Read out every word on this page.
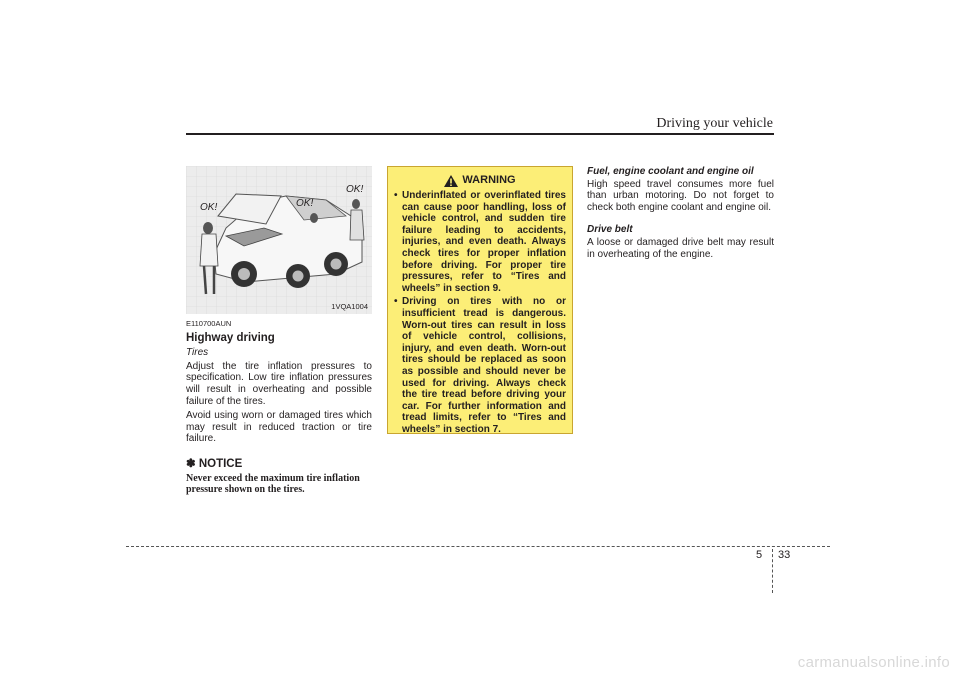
Driving your vehicle
OK!	OK!
OK!
1VQA1004
E110700AUN
Highway driving
Tires
Adjust the tire inflation pressures to specification. Low tire inflation pressures will result in overheating and possible failure of the tires.
Avoid using worn or damaged tires which may result in reduced traction or tire failure.
✽ NOTICE
Never exceed the maximum tire inflation pressure shown on the tires.
WARNING
• Underinflated or overinflated tires can cause poor handling, loss of vehicle control, and sudden tire failure leading to accidents, injuries, and even death. Always check tires for proper inflation before driving. For proper tire pressures, refer to “Tires and wheels” in section 9.
• Driving on tires with no or insufficient tread is dangerous. Worn-out tires can result in loss of vehicle control, collisions, injury, and even death. Worn-out tires should be replaced as soon as possible and should never be used for driving. Always check the tire tread before driving your car. For further information and tread limits, refer to “Tires and wheels” in section 7.
Fuel, engine coolant and engine oil
High speed travel consumes more fuel than urban motoring. Do not forget to check both engine coolant and engine oil.
Drive belt
A loose or damaged drive belt may result in overheating of the engine.
5	33
carmanualsonline.info
